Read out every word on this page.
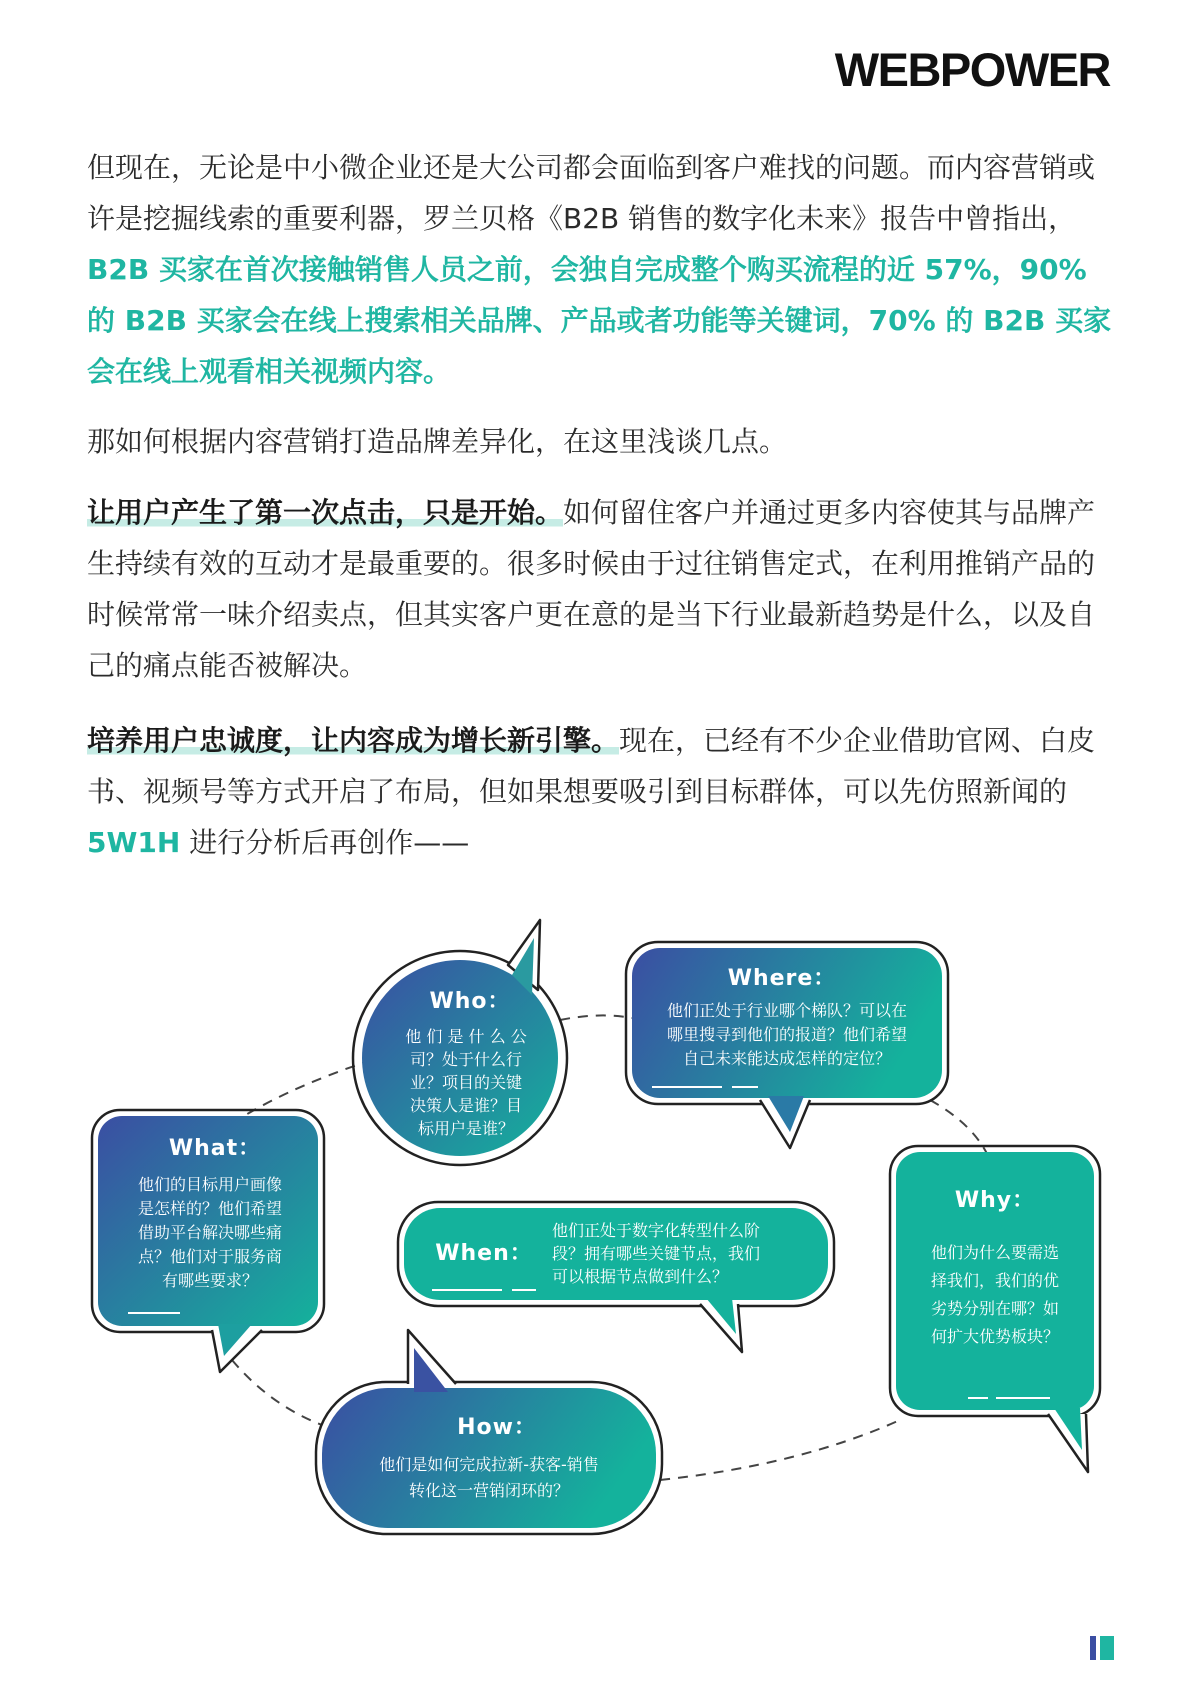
WEBPOWER

但现在，无论是中小微企业还是大公司都会面临到客户难找的问题。而内容营销或许是挖掘线索的重要利器，罗兰贝格《B2B 销售的数字化未来》报告中曾指出，B2B 买家在首次接触销售人员之前，会独自完成整个购买流程的近 57%，90% 的 B2B 买家会在线上搜索相关品牌、产品或者功能等关键词，70% 的 B2B 买家会在线上观看相关视频内容。

那如何根据内容营销打造品牌差异化，在这里浅谈几点。

让用户产生了第一次点击，只是开始。如何留住客户并通过更多内容使其与品牌产生持续有效的互动才是最重要的。很多时候由于过往销售定式，在利用推销产品的时候常常一味介绍卖点，但其实客户更在意的是当下行业最新趋势是什么，以及自己的痛点能否被解决。

培养用户忠诚度，让内容成为增长新引擎。现在，已经有不少企业借助官网、白皮书、视频号等方式开启了布局，但如果想要吸引到目标群体，可以先仿照新闻的5W1H 进行分析后再创作——

Who：
他 们 是 什 么 公
司？处于什么行
业？项目的关键
决策人是谁？目
标用户是谁？
Where：
他们正处于行业哪个梯队？可以在
哪里搜寻到他们的报道？他们希望
自己未来能达成怎样的定位？
What：
他们的目标用户画像
是怎样的？他们希望
借助平台解决哪些痛
点？他们对于服务商
有哪些要求？
When：
他们正处于数字化转型什么阶
段？拥有哪些关键节点，我们
可以根据节点做到什么？
Why：
他们为什么要需选
择我们，我们的优
劣势分别在哪？如
何扩大优势板块？
How：
他们是如何完成拉新-获客-销售
转化这一营销闭环的？
